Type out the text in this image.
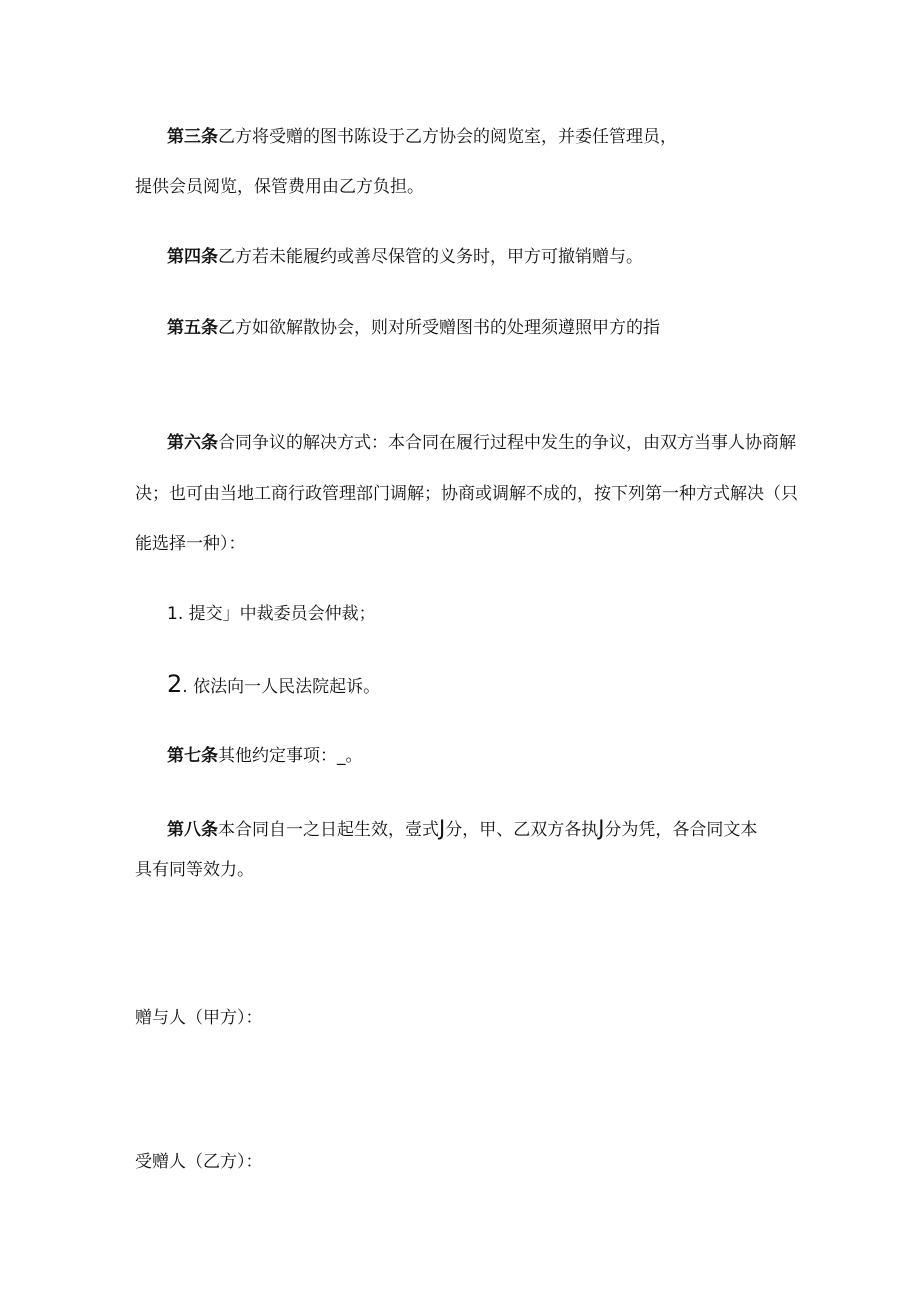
第三条乙方将受赠的图书陈设于乙方协会的阅览室，并委任管理员，
提供会员阅览，保管费用由乙方负担。
第四条乙方若未能履约或善尽保管的义务时，甲方可撤销赠与。
第五条乙方如欲解散协会，则对所受赠图书的处理须遵照甲方的指
第六条合同争议的解决方式：本合同在履行过程中发生的争议，由双方当事人协商解
决；也可由当地工商行政管理部门调解；协商或调解不成的，按下列第一种方式解决（只
能选择一种）：
1. 提交」中裁委员会仲裁；
2. 依法向一人民法院起诉。
第七条其他约定事项：_。
第八条本合同自一之日起生效，壹式J分，甲、乙双方各执J分为凭，各合同文本
具有同等效力。
赠与人（甲方）：
受赠人（乙方）：
